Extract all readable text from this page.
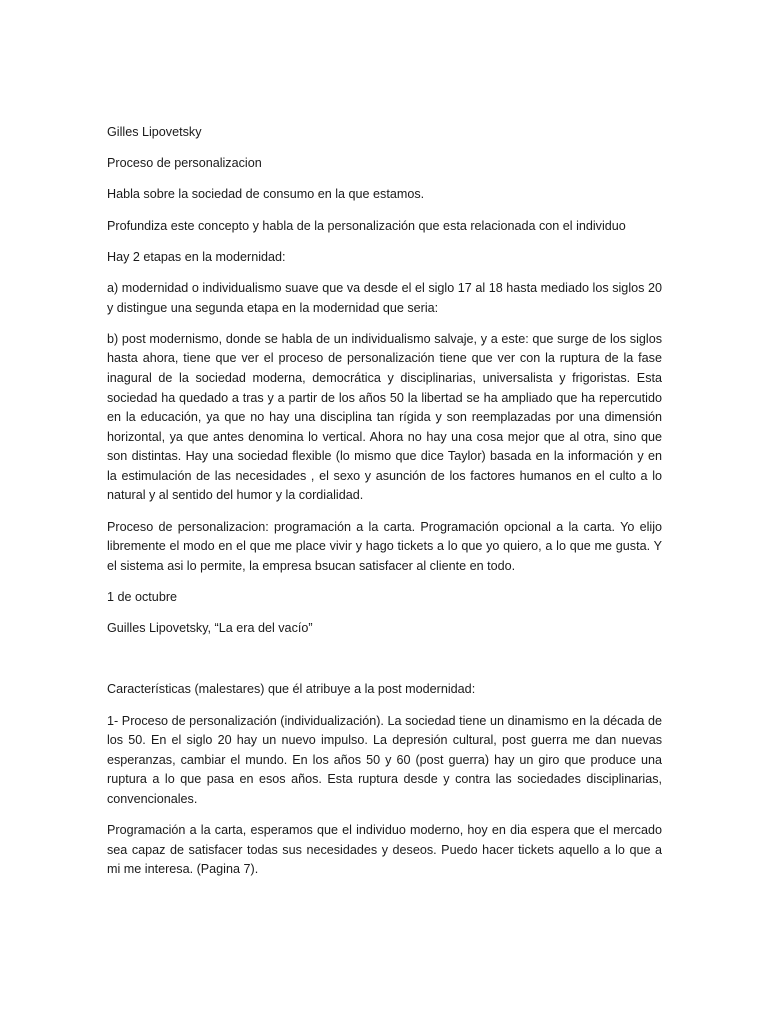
Gilles Lipovetsky

Proceso de personalizacion

Habla sobre la sociedad de consumo en la que estamos.

Profundiza este concepto y habla de la personalización que esta relacionada con el individuo

Hay 2 etapas en la modernidad:

a) modernidad o individualismo suave que va desde el el siglo 17 al 18 hasta mediado los siglos 20 y distingue una segunda etapa en la modernidad que seria:

b) post modernismo, donde se habla de un individualismo salvaje, y a este: que surge de los siglos hasta ahora, tiene que ver el proceso de personalización tiene que ver con la ruptura de la fase inagural de la sociedad moderna, democrática y disciplinarias, universalista y frigoristas. Esta sociedad ha quedado a tras y a partir de los años 50 la libertad se ha ampliado que ha repercutido en la educación, ya que no hay una disciplina tan rígida y son reemplazadas por una dimensión horizontal, ya que antes denomina lo vertical. Ahora no hay una cosa mejor que al otra, sino que son distintas. Hay una sociedad flexible (lo mismo que dice Taylor) basada en la información y en la estimulación de las necesidades , el sexo y asunción de los factores humanos en el culto a lo natural y al sentido del humor y la cordialidad.

Proceso de personalizacion: programación a la carta. Programación opcional a la carta. Yo elijo libremente el modo en el que me place vivir y hago tickets a lo que yo quiero, a lo que me gusta. Y el sistema asi lo permite, la empresa bsucan satisfacer al cliente en todo.

1 de octubre

Guilles Lipovetsky, “La era del vacío”

Características (malestares) que él atribuye a la post modernidad:

1- Proceso de personalización (individualización). La sociedad tiene un dinamismo en la década de los 50. En el siglo 20 hay un nuevo impulso. La depresión cultural, post guerra me dan nuevas esperanzas, cambiar el mundo. En los años 50 y 60 (post guerra) hay un giro que produce una ruptura a lo que pasa en esos años. Esta ruptura desde y contra las sociedades disciplinarias, convencionales.

Programación a la carta, esperamos que el individuo moderno, hoy en dia espera que el mercado sea capaz de satisfacer todas sus necesidades y deseos. Puedo hacer tickets aquello a lo que a mi me interesa. (Pagina 7).
